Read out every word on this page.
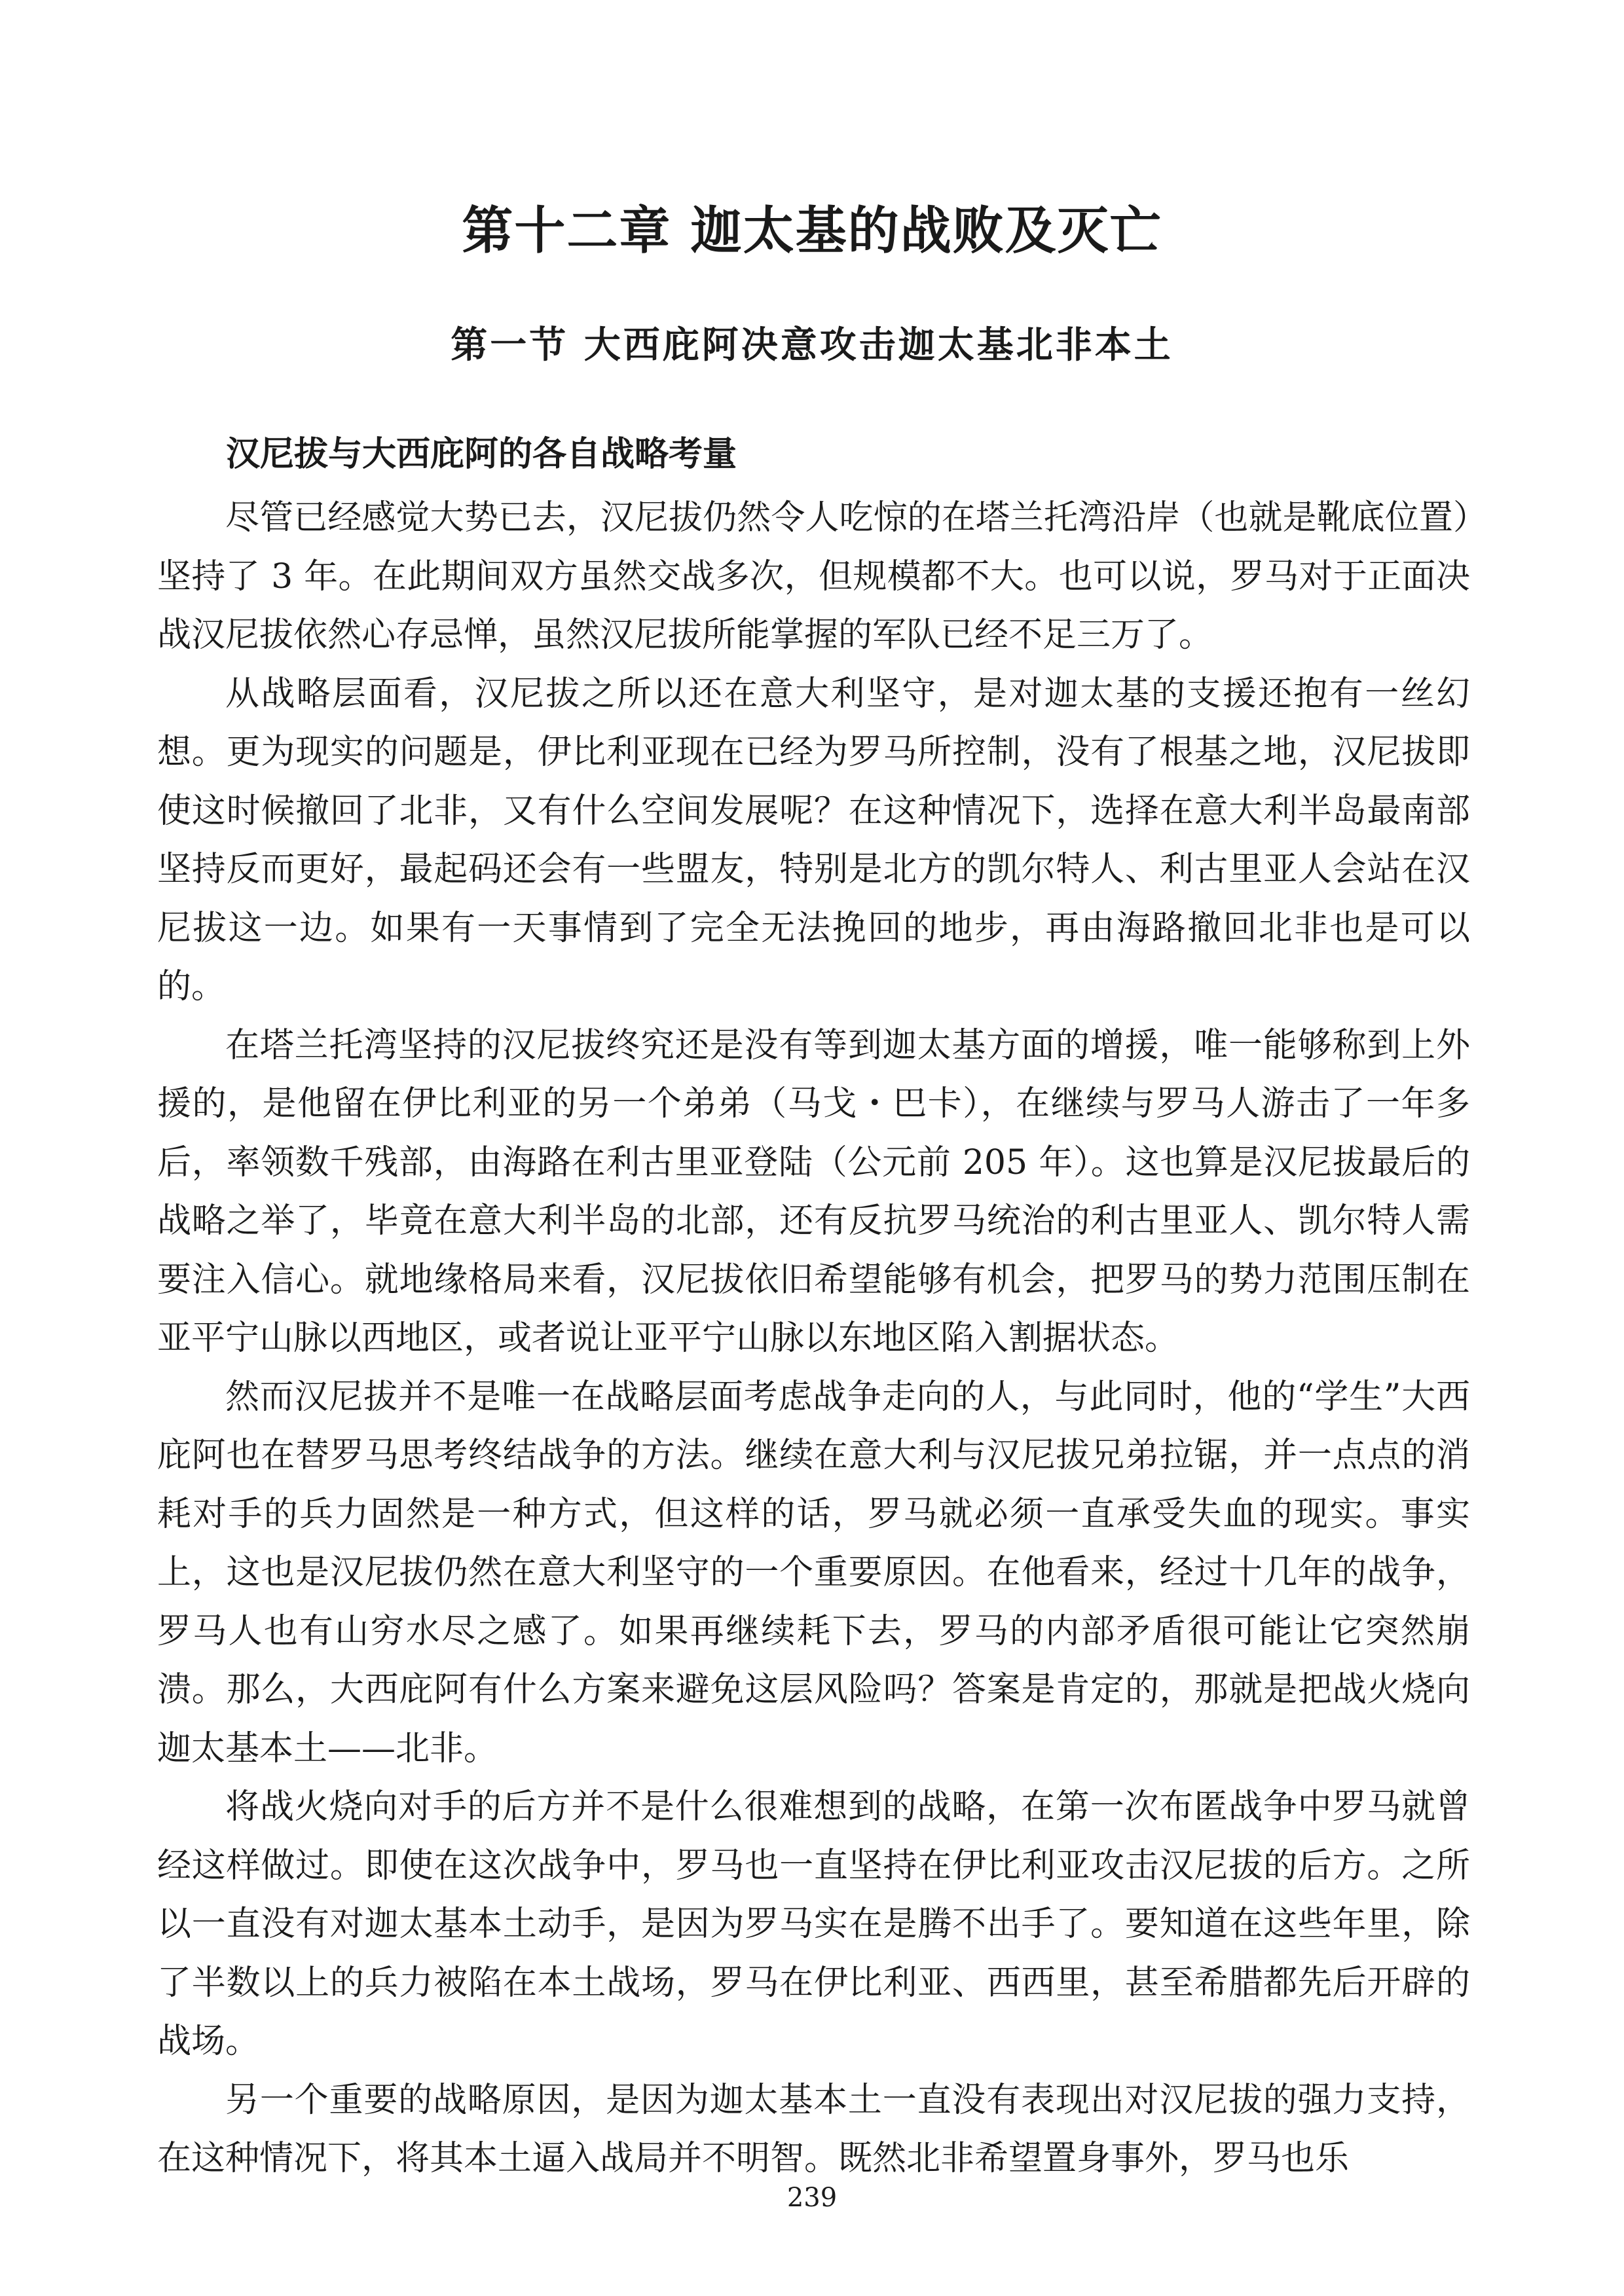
第十二章 迦太基的战败及灭亡
第一节 大西庇阿决意攻击迦太基北非本土
汉尼拔与大西庇阿的各自战略考量

尽管已经感觉大势已去，汉尼拔仍然令人吃惊的在塔兰托湾沿岸（也就是靴底位置）坚持了 3 年。在此期间双方虽然交战多次，但规模都不大。也可以说，罗马对于正面决战汉尼拔依然心存忌惮，虽然汉尼拔所能掌握的军队已经不足三万了。

从战略层面看，汉尼拔之所以还在意大利坚守，是对迦太基的支援还抱有一丝幻想。更为现实的问题是，伊比利亚现在已经为罗马所控制，没有了根基之地，汉尼拔即使这时候撤回了北非，又有什么空间发展呢？在这种情况下，选择在意大利半岛最南部坚持反而更好，最起码还会有一些盟友，特别是北方的凯尔特人、利古里亚人会站在汉尼拔这一边。如果有一天事情到了完全无法挽回的地步，再由海路撤回北非也是可以的。

在塔兰托湾坚持的汉尼拔终究还是没有等到迦太基方面的增援，唯一能够称到上外援的，是他留在伊比利亚的另一个弟弟（马戈・巴卡），在继续与罗马人游击了一年多后，率领数千残部，由海路在利古里亚登陆（公元前 205 年）。这也算是汉尼拔最后的战略之举了，毕竟在意大利半岛的北部，还有反抗罗马统治的利古里亚人、凯尔特人需要注入信心。就地缘格局来看，汉尼拔依旧希望能够有机会，把罗马的势力范围压制在亚平宁山脉以西地区，或者说让亚平宁山脉以东地区陷入割据状态。

然而汉尼拔并不是唯一在战略层面考虑战争走向的人，与此同时，他的“学生”大西庇阿也在替罗马思考终结战争的方法。继续在意大利与汉尼拔兄弟拉锯，并一点点的消耗对手的兵力固然是一种方式，但这样的话，罗马就必须一直承受失血的现实。事实上，这也是汉尼拔仍然在意大利坚守的一个重要原因。在他看来，经过十几年的战争，罗马人也有山穷水尽之感了。如果再继续耗下去，罗马的内部矛盾很可能让它突然崩溃。那么，大西庇阿有什么方案来避免这层风险吗？答案是肯定的，那就是把战火烧向迦太基本土——北非。

将战火烧向对手的后方并不是什么很难想到的战略，在第一次布匿战争中罗马就曾经这样做过。即使在这次战争中，罗马也一直坚持在伊比利亚攻击汉尼拔的后方。之所以一直没有对迦太基本土动手，是因为罗马实在是腾不出手了。要知道在这些年里，除了半数以上的兵力被陷在本土战场，罗马在伊比利亚、西西里，甚至希腊都先后开辟的战场。

另一个重要的战略原因，是因为迦太基本土一直没有表现出对汉尼拔的强力支持，在这种情况下，将其本土逼入战局并不明智。既然北非希望置身事外，罗马也乐

239
